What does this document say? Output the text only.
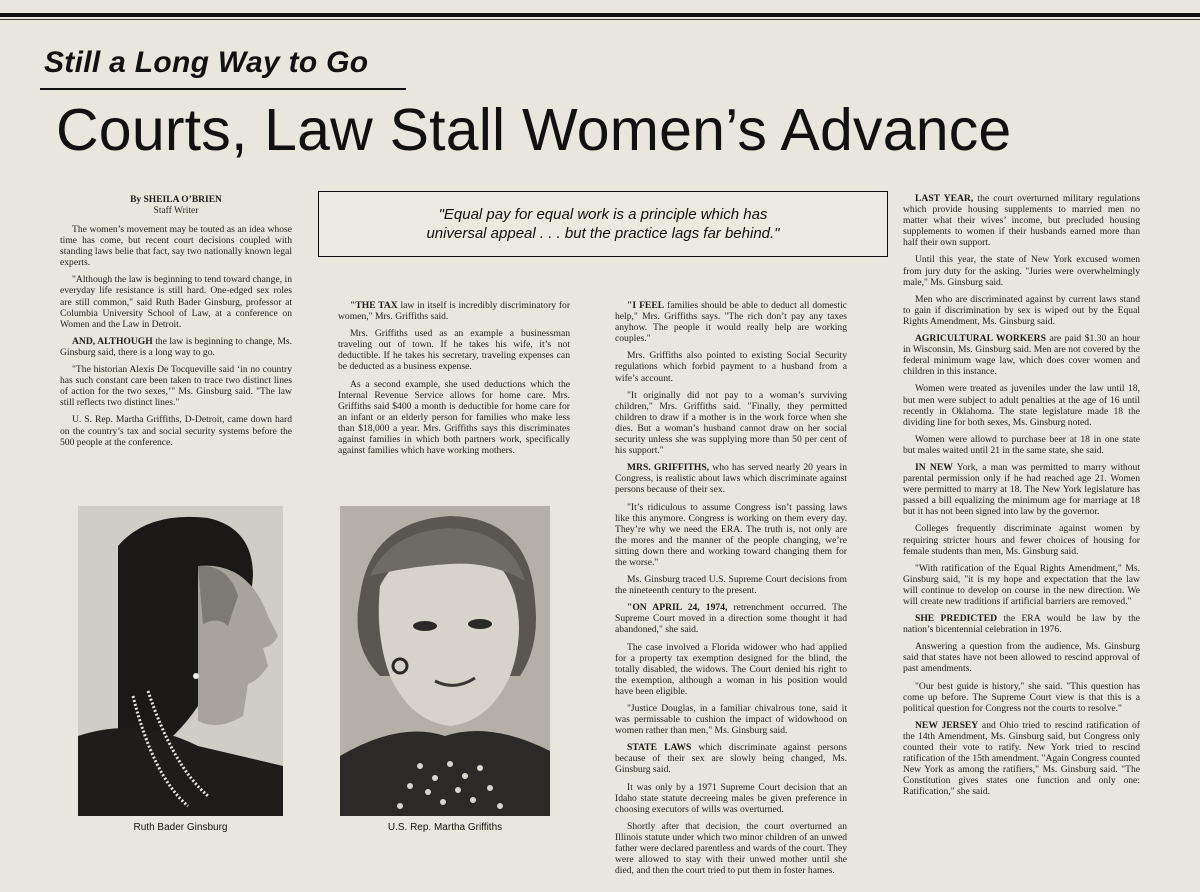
Still a Long Way to Go
Courts, Law Stall Women’s Advance
By SHEILA O’BRIEN
Staff Writer

The women’s movement may be touted as an idea whose time has come, but recent court decisions coupled with standing laws belie that fact, say two nationally known legal experts.

"Although the law is beginning to tend toward change, in everyday life resistance is still hard. One-edged sex roles are still common," said Ruth Bader Ginsburg, professor at Columbia University School of Law, at a conference on Women and the Law in Detroit.

AND, ALTHOUGH the law is beginning to change, Ms. Ginsburg said, there is a long way to go.

"The historian Alexis De Tocqueville said ‘in no country has such constant care been taken to trace two distinct lines of action for the two sexes,’" Ms. Ginsburg said. "The law still reflects two distinct lines."

U. S. Rep. Martha Griffiths, D-Detroit, came down hard on the country’s tax and social security systems before the 500 people at the conference.

"Equal pay for equal work is a principle which has
universal appeal . . . but the practice lags far behind."

"THE TAX law in itself is incredibly discriminatory for women," Mrs. Griffiths said.

Mrs. Griffiths used as an example a businessman traveling out of town. If he takes his wife, it’s not deductible. If he takes his secretary, traveling expenses can be deducted as a business expense.

As a second example, she used deductions which the Internal Revenue Service allows for home care. Mrs. Griffiths said $400 a month is deductible for home care for an infant or an elderly person for families who make less than $18,000 a year. Mrs. Griffiths says this discriminates against families in which both partners work, specifically against families which have working mothers.

"I FEEL families should be able to deduct all domestic help," Mrs. Griffiths says. "The rich don’t pay any taxes anyhow. The people it would really help are working couples."

Mrs. Griffiths also pointed to existing Social Security regulations which forbid payment to a husband from a wife’s account.

"It originally did not pay to a woman’s surviving children," Mrs. Griffiths said. "Finally, they permitted children to draw if a mother is in the work force when she dies. But a woman’s husband cannot draw on her social security unless she was supplying more than 50 per cent of his support."

MRS. GRIFFITHS, who has served nearly 20 years in Congress, is realistic about laws which discriminate against persons because of their sex.

"It’s ridiculous to assume Congress isn’t passing laws like this anymore. Congress is working on them every day. They’re why we need the ERA. The truth is, not only are the mores and the manner of the people changing, we’re sitting down there and working toward changing them for the worse."

Ms. Ginsburg traced U.S. Supreme Court decisions from the nineteenth century to the present.

"ON APRIL 24, 1974, retrenchment occurred. The Supreme Court moved in a direction some thought it had abandoned," she said.

The case involved a Florida widower who had applied for a property tax exemption designed for the blind, the totally disabled, the widows. The Court denied his right to the exemption, although a woman in his position would have been eligible.

"Justice Douglas, in a familiar chivalrous tone, said it was permissable to cushion the impact of widowhood on women rather than men," Ms. Ginsburg said.

STATE LAWS which discriminate against persons because of their sex are slowly being changed, Ms. Ginsburg said.

It was only by a 1971 Supreme Court decision that an Idaho state statute decreeing males be given preference in choosing executors of wills was overturned.

Shortly after that decision, the court overturned an Illinois statute under which two minor children of an unwed father were declared parentless and wards of the court. They were allowed to stay with their unwed mother until she died, and then the court tried to put them in foster hames.

LAST YEAR, the court overturned military regulations which provide housing supplements to married men no matter what their wives’ income, but precluded housing supplements to women if their husbands earned more than half their own support.

Until this year, the state of New York excused women from jury duty for the asking. "Juries were overwhelmingly male," Ms. Ginsburg said.

Men who are discriminated against by current laws stand to gain if discrimination by sex is wiped out by the Equal Rights Amendment, Ms. Ginsburg said.

AGRICULTURAL WORKERS are paid $1.30 an hour in Wisconsin, Ms. Ginsburg said. Men are not covered by the federal minimum wage law, which does cover women and children in this instance.

Women were treated as juveniles under the law until 18, but men were subject to adult penalties at the age of 16 until recently in Oklahoma. The state legislature made 18 the dividing line for both sexes, Ms. Ginsburg noted.

Women were allowd to purchase beer at 18 in one state but males waited until 21 in the same state, she said.

IN NEW York, a man was permitted to marry without parental permission only if he had reached age 21. Women were permitted to marry at 18. The New York legislature has passed a bill equalizing the minimum age for marriage at 18 but it has not been signed into law by the governor.

Colleges frequently discriminate against women by requiring stricter hours and fewer choices of housing for female students than men, Ms. Ginsburg said.

"With ratification of the Equal Rights Amendment," Ms. Ginsburg said, "it is my hope and expectation that the law will continue to develop on course in the new direction. We will create new traditions if artificial barriers are removed."

SHE PREDICTED the ERA would be law by the nation’s bicentennial celebration in 1976.

Answering a question from the audience, Ms. Ginsburg said that states have not been allowed to rescind approval of past amendments.

"Our best guide is history," she said. "This question has come up before. The Supreme Court view is that this is a political question for Congress not the courts to resolve."

NEW JERSEY and Ohio tried to rescind ratification of the 14th Amendment, Ms. Ginsburg said, but Congress only counted their vote to ratify. New York tried to rescind ratification of the 15th amendment. "Again Congress counted New York as among the ratifiers," Ms. Ginsburg said. "The Constitution gives states one function and only one: Ratification," she said.

Ruth Bader Ginsburg	U.S. Rep. Martha Griffiths
